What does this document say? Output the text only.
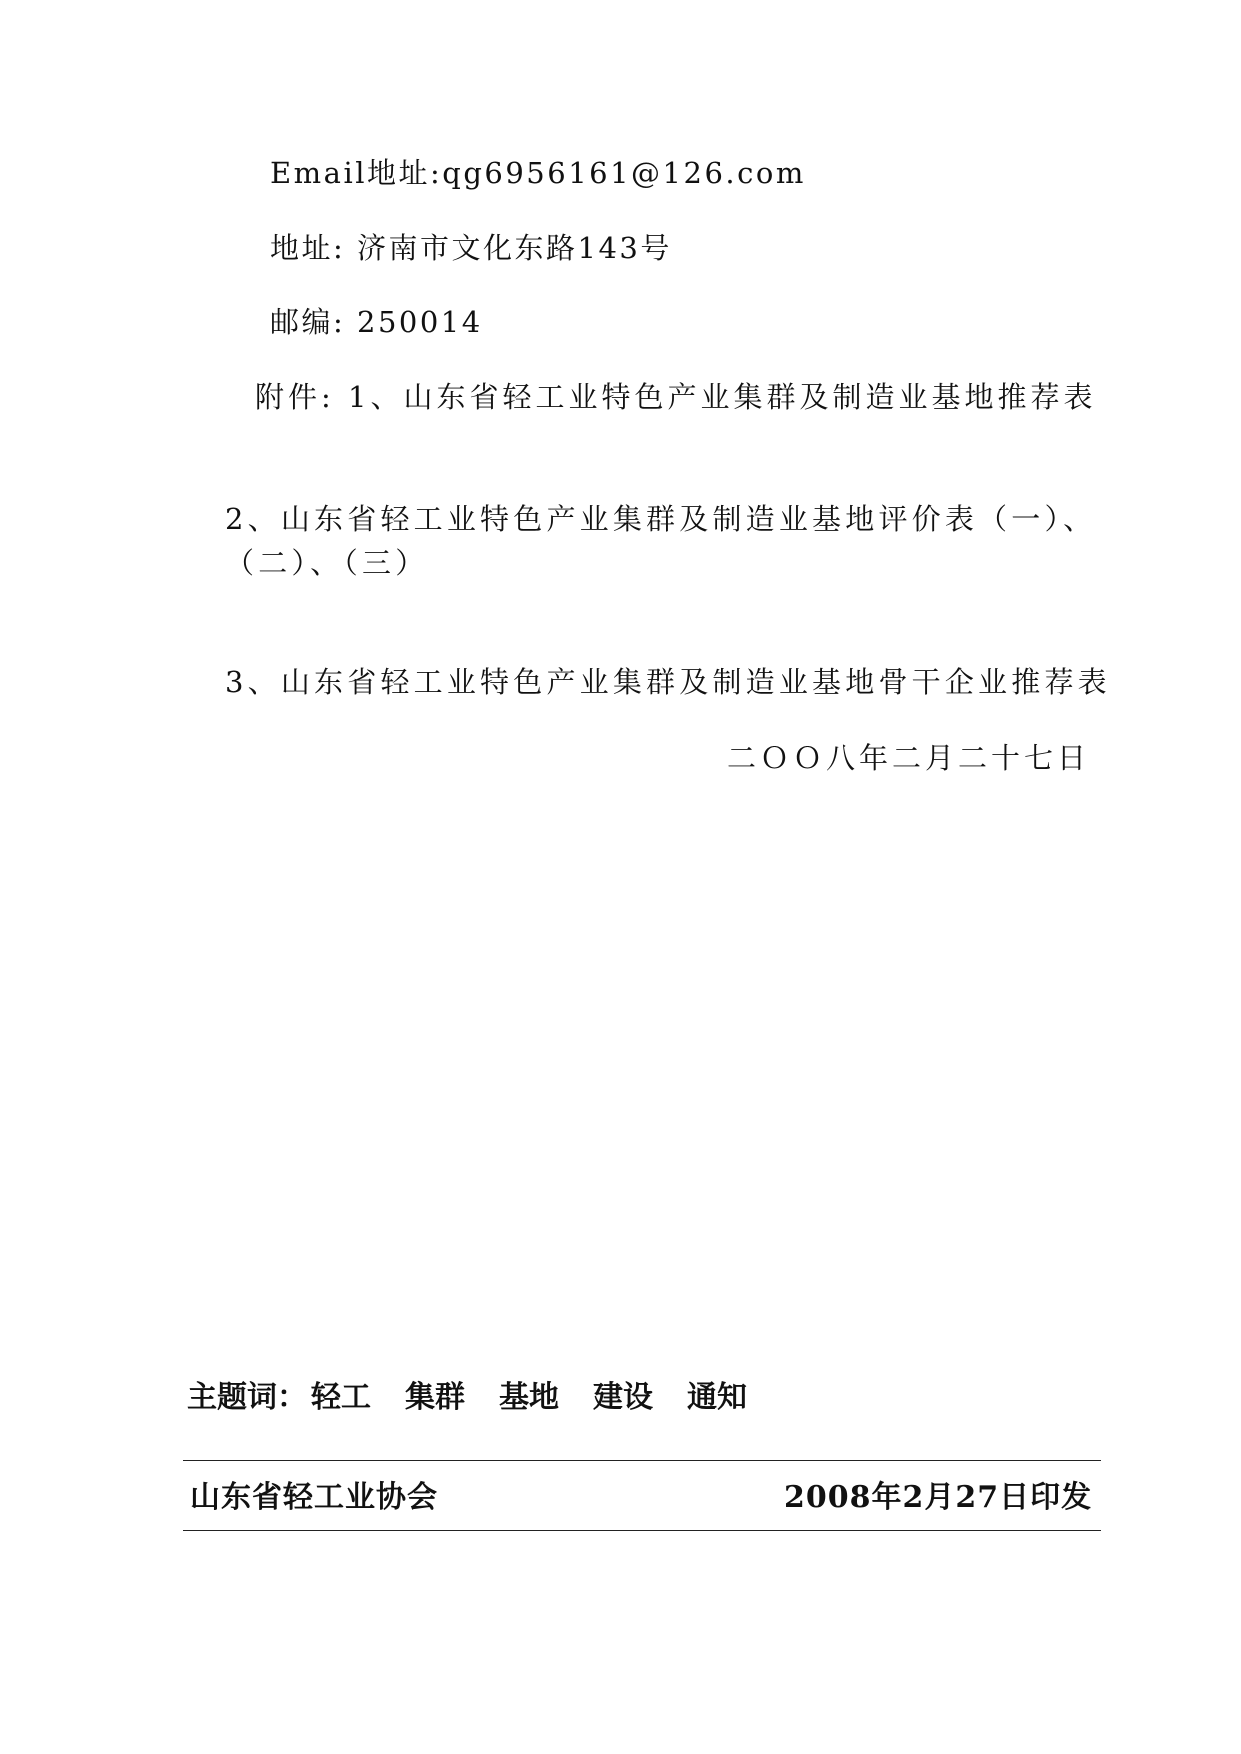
Email地址:qg6956161@126.com
地址: 济南市文化东路143号
邮编: 250014
附件: 1、山东省轻工业特色产业集群及制造业基地推荐表
2、山东省轻工业特色产业集群及制造业基地评价表（一）、
（二）、（三）
3、山东省轻工业特色产业集群及制造业基地骨干企业推荐表
二ＯＯ八年二月二十七日
主题词： 轻工 集群 基地 建设 通知
山东省轻工业协会	2008年2月27日印发
